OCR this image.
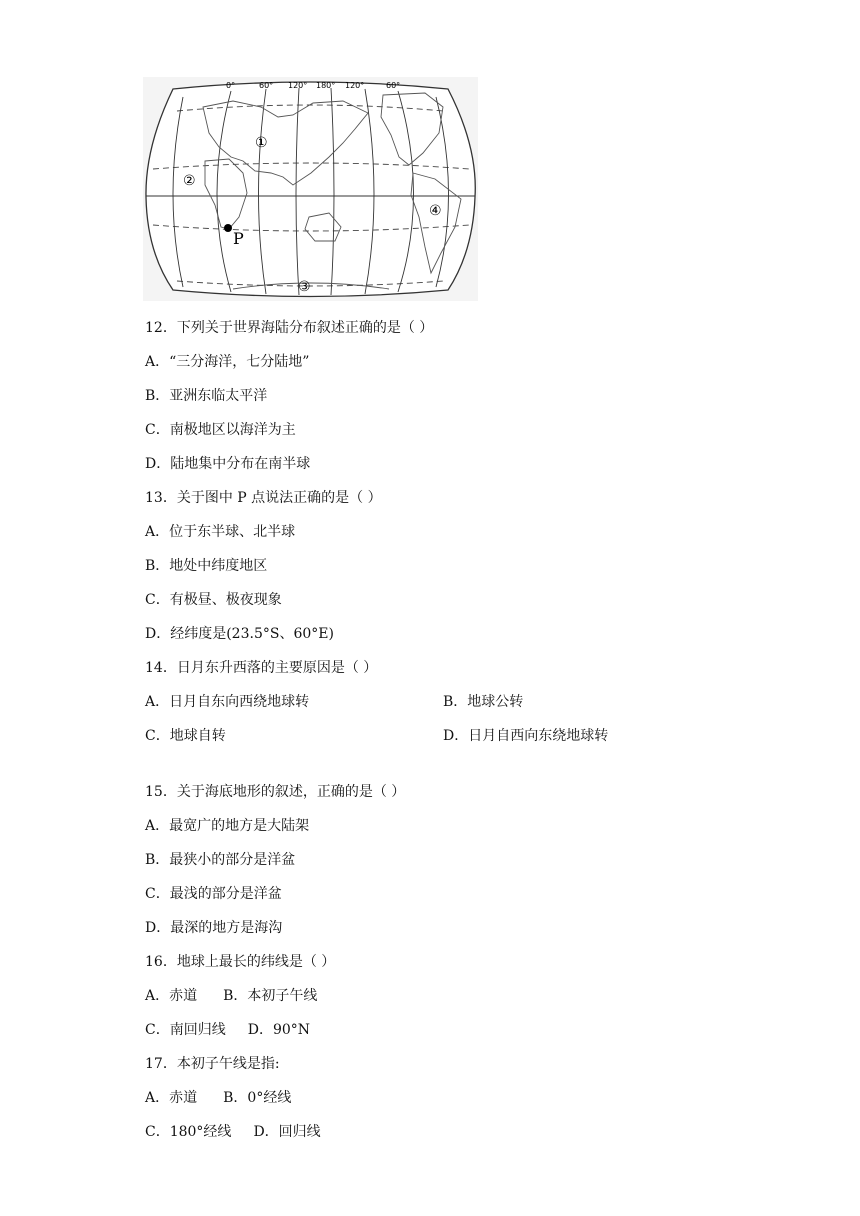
0°	60° 120° 180° 120°	60°
①
②
③
④
P
12．下列关于世界海陆分布叙述正确的是（ ）
A．“三分海洋，七分陆地”
B．亚洲东临太平洋
C．南极地区以海洋为主
D．陆地集中分布在南半球
13．关于图中 P 点说法正确的是（ ）
A．位于东半球、北半球
B．地处中纬度地区
C．有极昼、极夜现象
D．经纬度是(23.5°S、60°E)
14．日月东升西落的主要原因是（ ）
A．日月自东向西绕地球转	B．地球公转
C．地球自转	D．日月自西向东绕地球转
15．关于海底地形的叙述，正确的是（ ）
A．最宽广的地方是大陆架
B．最狭小的部分是洋盆
C．最浅的部分是洋盆
D．最深的地方是海沟
16．地球上最长的纬线是（ ）
A．赤道 B．本初子午线
C．南回归线 D．90°N
17．本初子午线是指:
A．赤道 B．0°经线
C．180°经线 D．回归线
